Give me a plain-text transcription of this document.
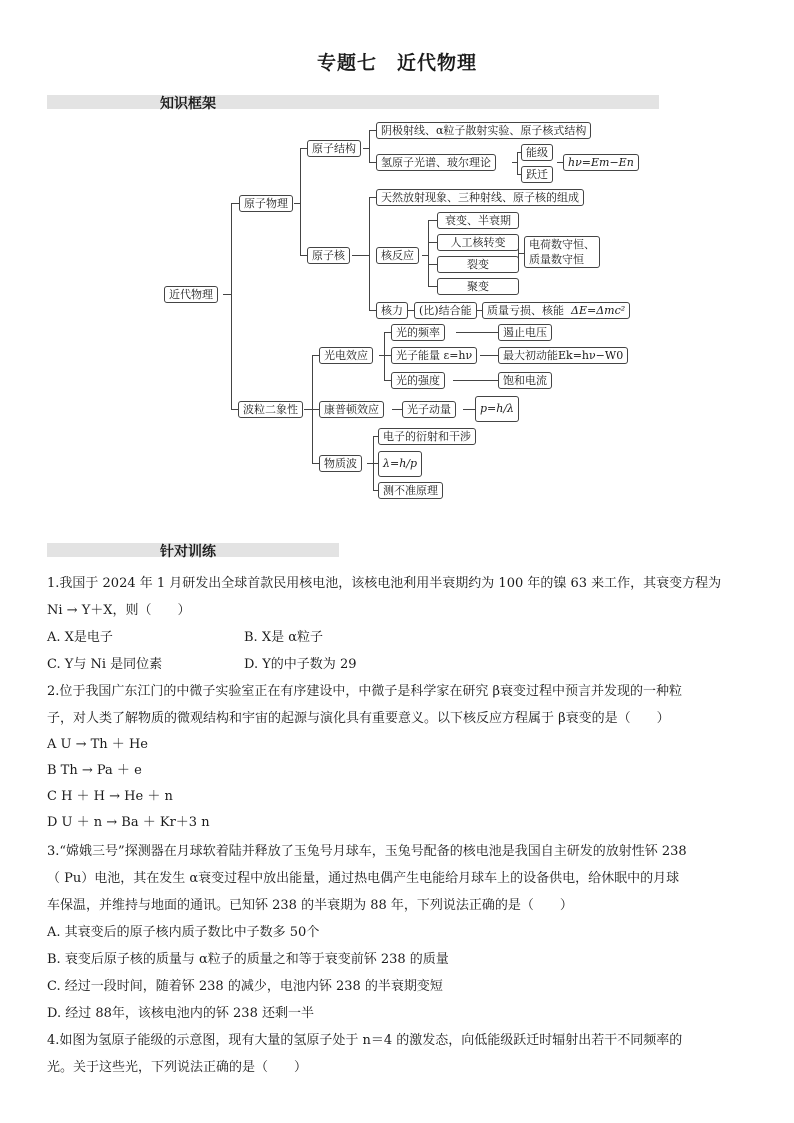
专题七　近代物理
知识框架
近代物理
原子物理
原子结构
阴极射线、α粒子散射实验、原子核式结构
氢原子光谱、玻尔理论
能级
跃迁
hν=Em−En
原子核
天然放射现象、三种射线、原子核的组成
核反应
衰变、半衰期
人工核转变
裂变
聚变
电荷数守恒、
质量数守恒
核力	(比)结合能	质量亏损、核能 ΔE=Δmc²
波粒二象性
光电效应
光的频率	遏止电压
光子能量 ε=hν	最大初动能Ek=hν−W0
光的强度	饱和电流
康普顿效应	光子动量	p=h/λ
物质波
电子的衍射和干涉
λ=h/p
测不准原理
针对训练
1.我国于 2024 年 1 月研发出全球首款民用核电池，该核电池利用半衰期约为 100 年的镍 63 来工作，其衰变方程为
Ni → Y＋X，则（　　）
A. X是电子	B. X是 α粒子
C. Y与 Ni 是同位素	D. Y的中子数为 29
2.位于我国广东江门的中微子实验室正在有序建设中，中微子是科学家在研究 β衰变过程中预言并发现的一种粒
子，对人类了解物质的微观结构和宇宙的起源与演化具有重要意义。以下核反应方程属于 β衰变的是（　　）
A U → Th ＋ He
B Th → Pa ＋ e
C H ＋ H → He ＋ n
D U ＋ n → Ba ＋ Kr＋3 n
3.“嫦娥三号”探测器在月球软着陆并释放了玉兔号月球车，玉兔号配备的核电池是我国自主研发的放射性钚 238
（ Pu）电池，其在发生 α衰变过程中放出能量，通过热电偶产生电能给月球车上的设备供电，给休眠中的月球
车保温，并维持与地面的通讯。已知钚 238 的半衰期为 88 年，下列说法正确的是（　　）
A. 其衰变后的原子核内质子数比中子数多 50个
B. 衰变后原子核的质量与 α粒子的质量之和等于衰变前钚 238 的质量
C. 经过一段时间，随着钚 238 的减少，电池内钚 238 的半衰期变短
D. 经过 88年，该核电池内的钚 238 还剩一半
4.如图为氢原子能级的示意图，现有大量的氢原子处于 n＝4 的激发态，向低能级跃迁时辐射出若干不同频率的
光。关于这些光，下列说法正确的是（　　）
